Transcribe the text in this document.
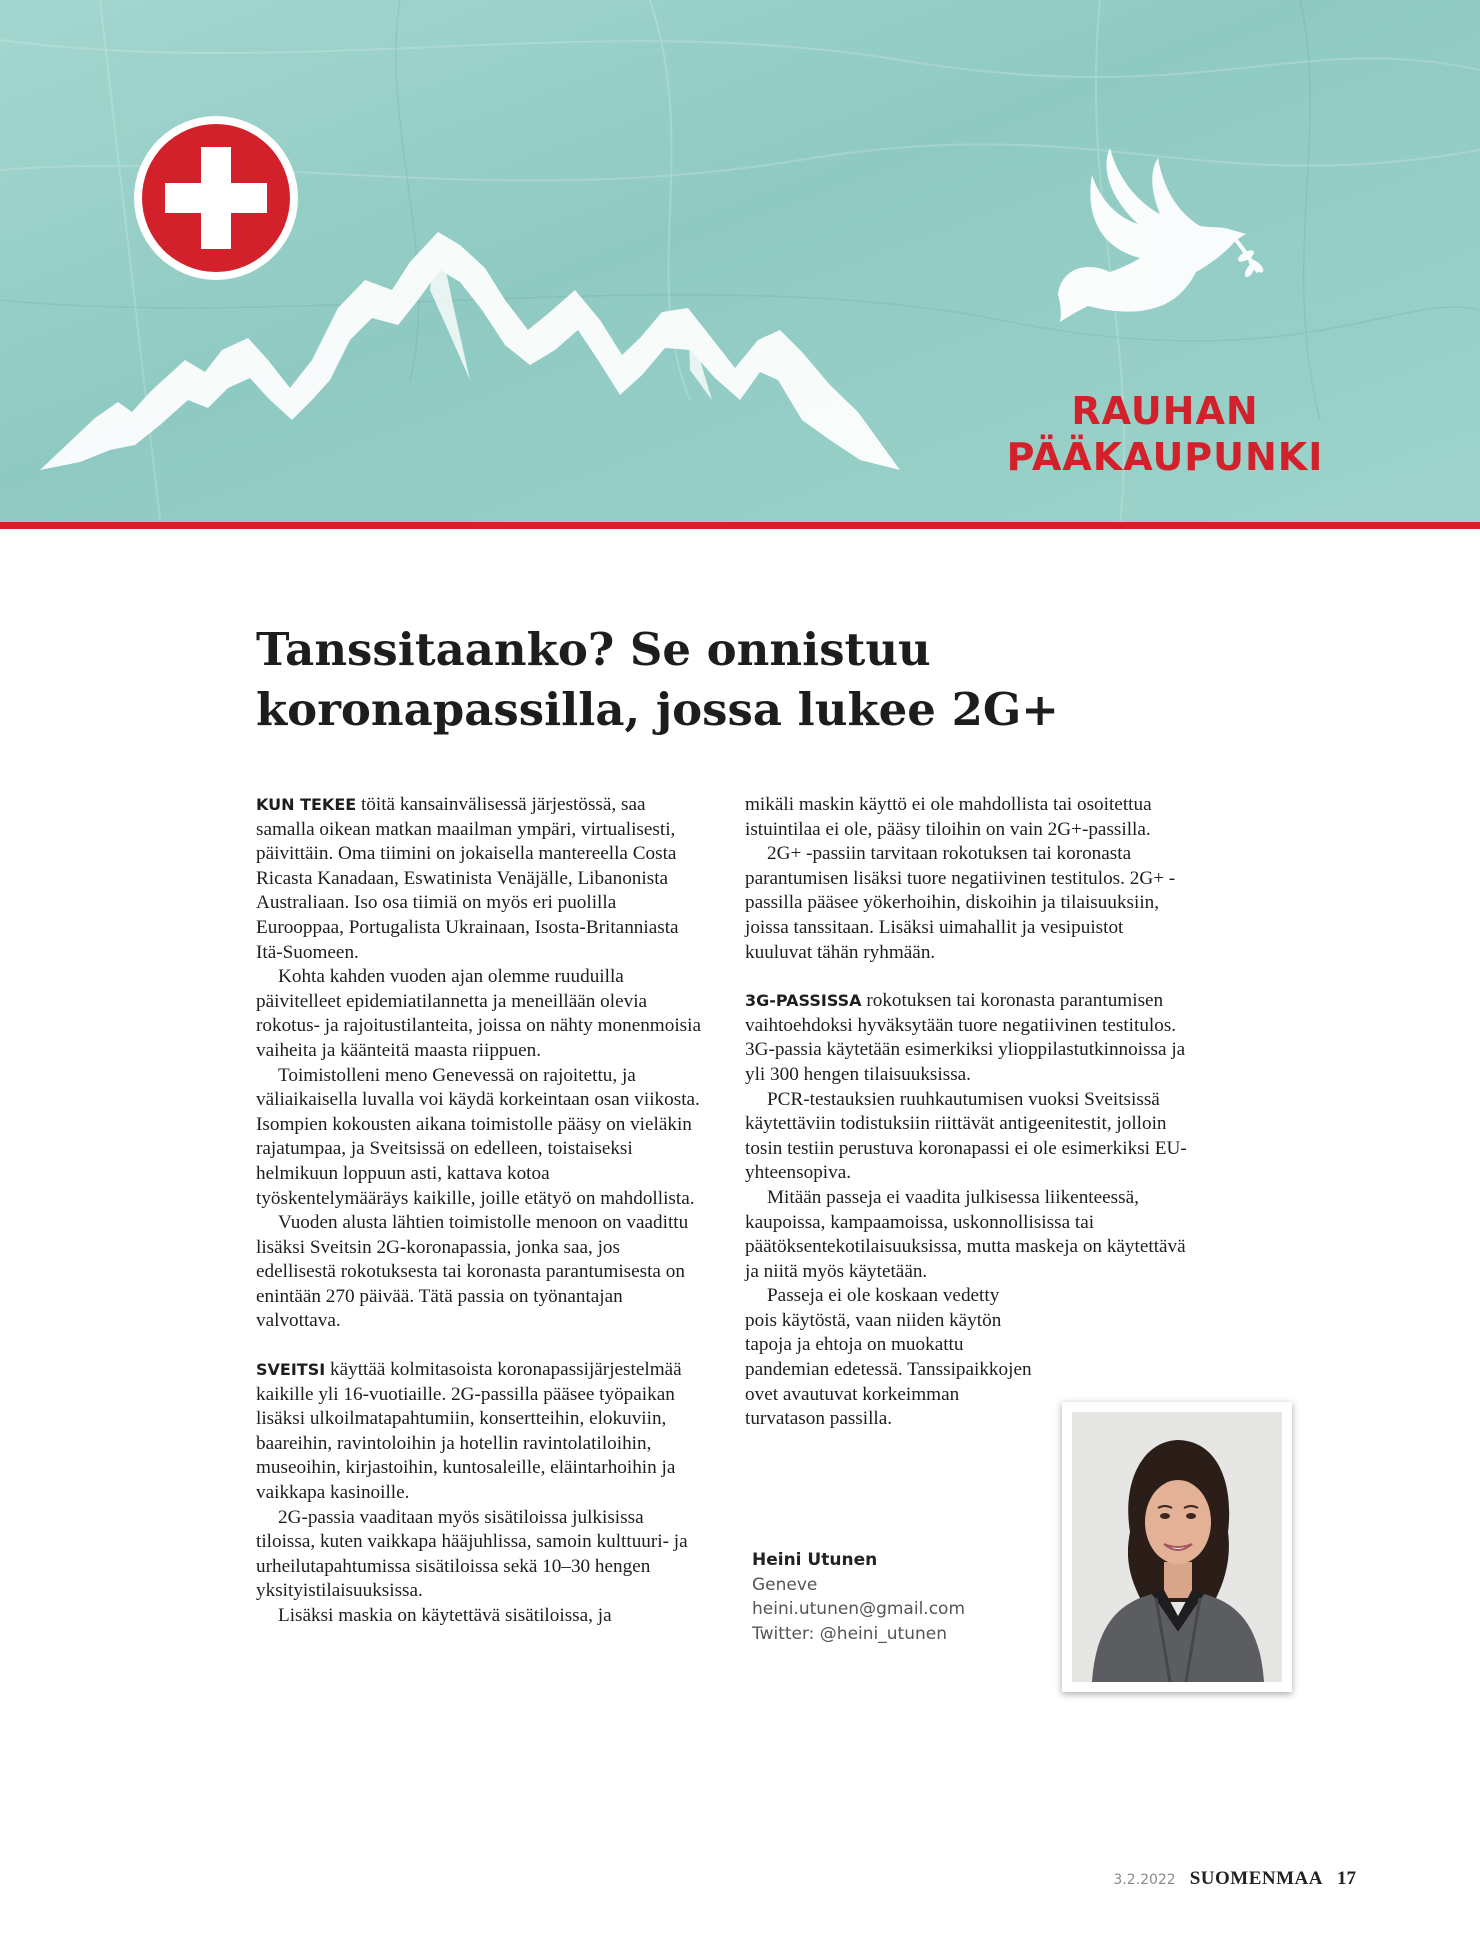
RAUHAN
PÄÄKAUPUNKI
Tanssitaanko? Se onnistuu
koronapassilla, jossa lukee 2G+

KUN TEKEE töitä kansainvälisessä järjestössä, saa samalla oikean matkan maailman ympäri, virtualisesti, päivittäin. Oma tiimini on jokaisella mantereella Costa Ricasta Kanadaan, Eswatinista Venäjälle, Libanonista Australiaan. Iso osa tiimiä on myös eri puolilla Eurooppaa, Portugalista Ukrainaan, Isosta-Britanniasta Itä-Suomeen.

Kohta kahden vuoden ajan olemme ruuduilla päivitelleet epidemiatilannetta ja meneillään olevia rokotus- ja rajoitustilanteita, joissa on nähty monenmoisia vaiheita ja käänteitä maasta riippuen.

Toimistolleni meno Genevessä on rajoitettu, ja väliaikaisella luvalla voi käydä korkeintaan osan viikosta. Isompien kokousten aikana toimistolle pääsy on vieläkin rajatumpaa, ja Sveitsissä on edelleen, toistaiseksi helmikuun loppuun asti, kattava kotoa työskentelymääräys kaikille, joille etätyö on mahdollista.

Vuoden alusta lähtien toimistolle menoon on vaadittu lisäksi Sveitsin 2G-koronapassia, jonka saa, jos edellisestä rokotuksesta tai koronasta parantumisesta on enintään 270 päivää. Tätä passia on työnantajan valvottava.

SVEITSI käyttää kolmitasoista koronapassijärjestelmää kaikille yli 16-vuotiaille. 2G-passilla pääsee työpaikan lisäksi ulkoilmatapahtumiin, konsertteihin, elokuviin, baareihin, ravintoloihin ja hotellin ravintolatiloihin, museoihin, kirjastoihin, kuntosaleille, eläintarhoihin ja vaikkapa kasinoille.

2G-passia vaaditaan myös sisätiloissa julkisissa tiloissa, kuten vaikkapa hääjuhlissa, samoin kulttuuri- ja urheilutapahtumissa sisätiloissa sekä 10–30 hengen yksityistilaisuuksissa.

Lisäksi maskia on käytettävä sisätiloissa, ja

mikäli maskin käyttö ei ole mahdollista tai osoitettua istuintilaa ei ole, pääsy tiloihin on vain 2G+-passilla.

2G+ -passiin tarvitaan rokotuksen tai koronasta parantumisen lisäksi tuore negatiivinen testitulos. 2G+ -passilla pääsee yökerhoihin, diskoihin ja tilaisuuksiin, joissa tanssitaan. Lisäksi uimahallit ja vesipuistot kuuluvat tähän ryhmään.

3G-PASSISSA rokotuksen tai koronasta parantumisen vaihtoehdoksi hyväksytään tuore negatiivinen testitulos. 3G-passia käytetään esimerkiksi ylioppilastutkinnoissa ja yli 300 hengen tilaisuuksissa.

PCR-testauksien ruuhkautumisen vuoksi Sveitsissä käytettäviin todistuksiin riittävät antigeenitestit, jolloin tosin testiin perustuva koronapassi ei ole esimerkiksi EU-yhteensopiva.

Mitään passeja ei vaadita julkisessa liikenteessä, kaupoissa, kampaamoissa, uskonnollisissa tai päätöksentekotilaisuuksissa, mutta maskeja on käytettävä ja niitä myös käytetään.

Passeja ei ole koskaan vedetty pois käytöstä, vaan niiden käytön tapoja ja ehtoja on muokattu pandemian edetessä. Tanssipaikkojen ovet avautuvat korkeimman turvatason passilla.

Heini Utunen
Geneve
heini.utunen@gmail.com
Twitter: @heini_utunen
3.2.2022 SUOMENMAA 17
